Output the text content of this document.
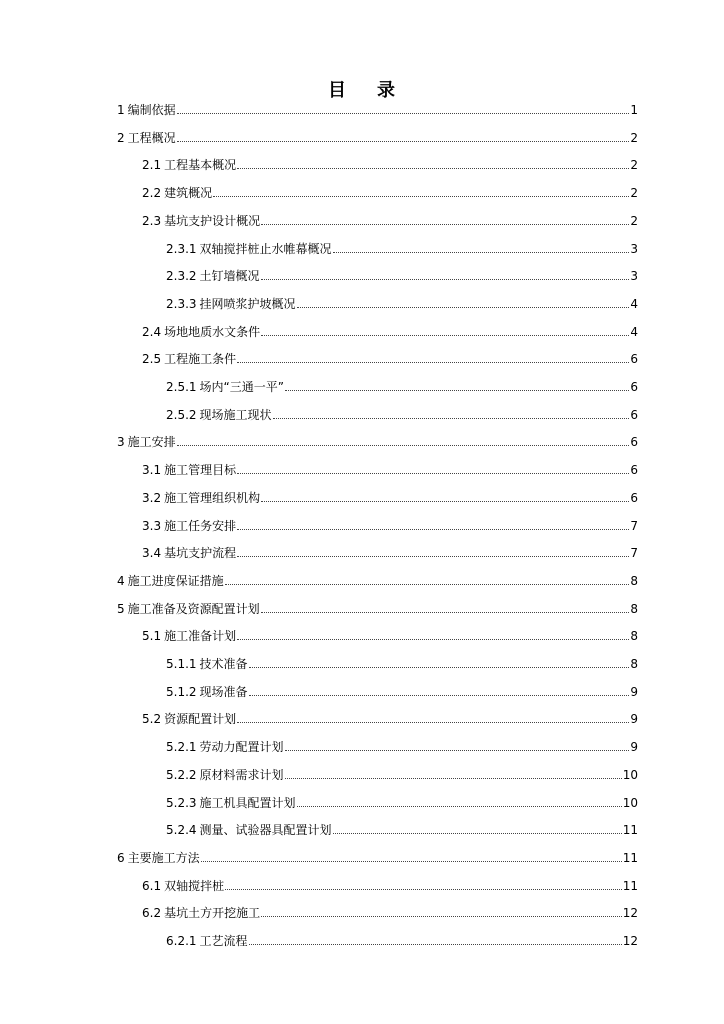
目 录
1 编制依据	1
2 工程概况	2
2.1 工程基本概况	2
2.2 建筑概况	2
2.3 基坑支护设计概况	2
2.3.1 双轴搅拌桩止水帷幕概况	3
2.3.2 土钉墙概况	3
2.3.3 挂网喷浆护坡概况	4
2.4 场地地质水文条件	4
2.5 工程施工条件	6
2.5.1 场内“三通一平”	6
2.5.2 现场施工现状	6
3 施工安排	6
3.1 施工管理目标	6
3.2 施工管理组织机构	6
3.3 施工任务安排	7
3.4 基坑支护流程	7
4 施工进度保证措施	8
5 施工准备及资源配置计划	8
5.1 施工准备计划	8
5.1.1 技术准备	8
5.1.2 现场准备	9
5.2 资源配置计划	9
5.2.1 劳动力配置计划	9
5.2.2 原材料需求计划	10
5.2.3 施工机具配置计划	10
5.2.4 测量、试验器具配置计划	11
6 主要施工方法	11
6.1 双轴搅拌桩	11
6.2 基坑土方开挖施工	12
6.2.1 工艺流程	12
